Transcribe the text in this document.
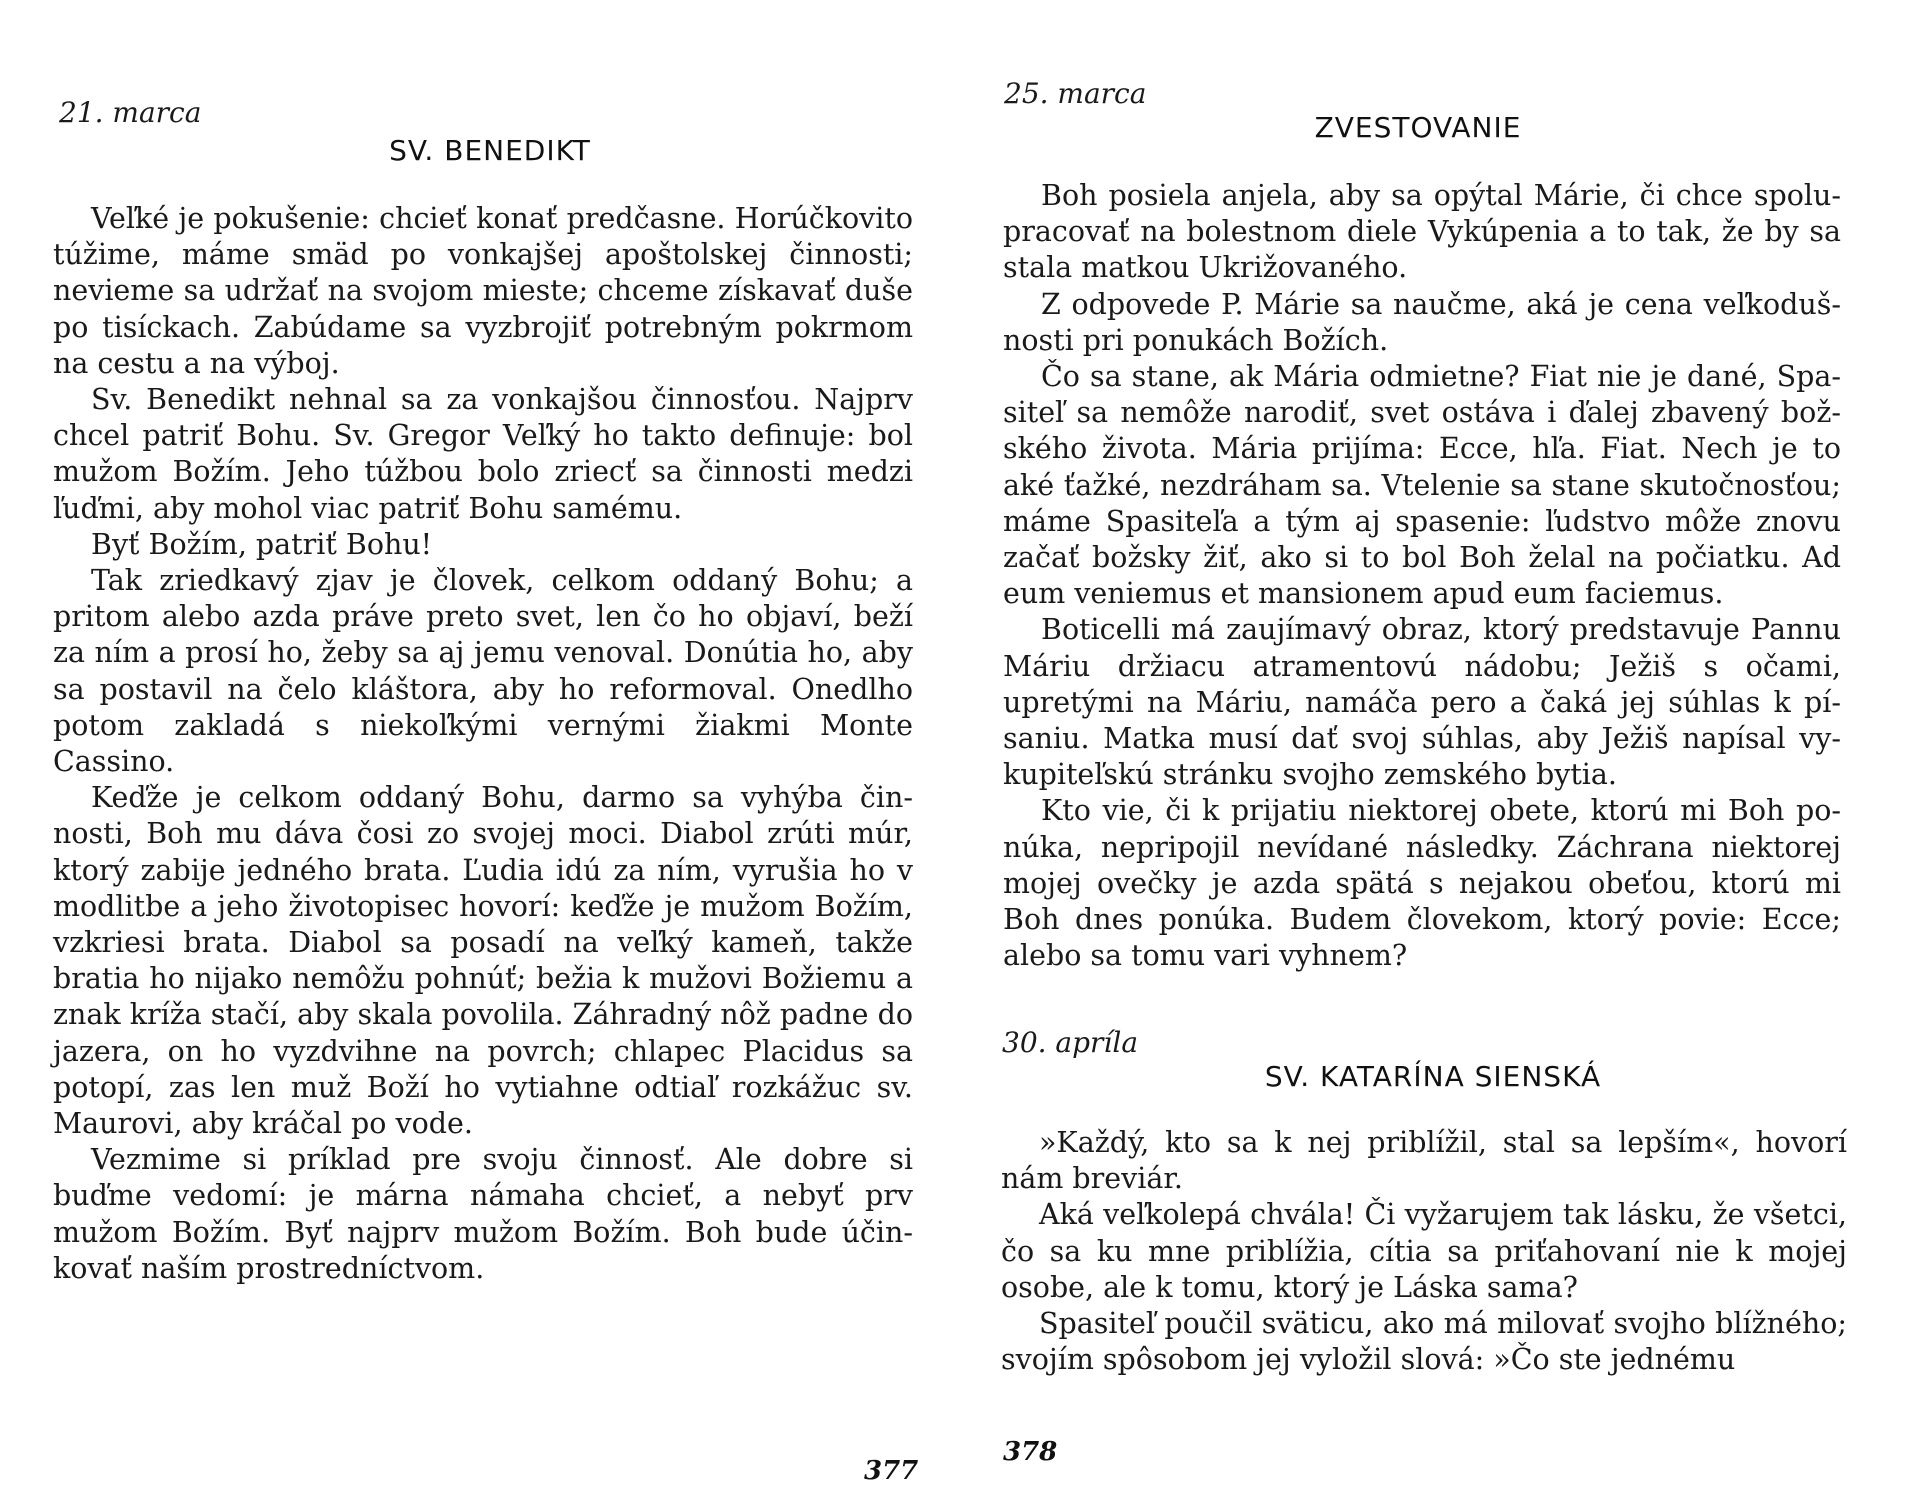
21. marca
SV. BENEDIKT

Veľké je pokušenie: chcieť konať predčasne. Horúčkovito túžime, máme smäd po vonkajšej apoštolskej činnosti; nevieme sa udržať na svojom mieste; chceme získavať duše po tisíckach. Zabúdame sa vyzbrojiť potrebným pokrmom na cestu a na výboj.

Sv. Benedikt nehnal sa za vonkajšou činnosťou. Najprv chcel patriť Bohu. Sv. Gregor Veľký ho takto definuje: bol mužom Božím. Jeho túžbou bolo zriecť sa činnosti medzi ľuďmi, aby mohol viac patriť Bohu samému.

Byť Božím, patriť Bohu!

Tak zriedkavý zjav je človek, celkom oddaný Bohu; a pritom alebo azda práve preto svet, len čo ho objaví, beží za ním a prosí ho, žeby sa aj jemu venoval. Donútia ho, aby sa postavil na čelo kláštora, aby ho reformoval. Onedlho potom zakladá s niekoľkými vernými žiakmi Monte Cassino.

Keďže je celkom oddaný Bohu, darmo sa vyhýba činnosti, Boh mu dáva čosi zo svojej moci. Diabol zrúti múr, ktorý zabije jedného brata. Ľudia idú za ním, vyrušia ho v modlitbe a jeho životopisec hovorí: keďže je mužom Božím, vzkriesi brata. Diabol sa posadí na veľký kameň, takže bratia ho nijako nemôžu pohnúť; bežia k mužovi Božiemu a znak kríža stačí, aby skala povolila. Záhradný nôž padne do jazera, on ho vyzdvihne na povrch; chlapec Placidus sa potopí, zas len muž Boží ho vytiahne odtiaľ rozkážuc sv. Maurovi, aby kráčal po vode.

Vezmime si príklad pre svoju činnosť. Ale dobre si buďme vedomí: je márna námaha chcieť, a nebyť prv mužom Božím. Byť najprv mužom Božím. Boh bude účinkovať naším prostredníctvom.

377
25. marca
ZVESTOVANIE

Boh posiela anjela, aby sa opýtal Márie, či chce spolupracovať na bolestnom diele Vykúpenia a to tak, že by sa stala matkou Ukrižovaného.

Z odpovede P. Márie sa naučme, aká je cena veľkodušnosti pri ponukách Božích.

Čo sa stane, ak Mária odmietne? Fiat nie je dané, Spasiteľ sa nemôže narodiť, svet ostáva i ďalej zbavený božského života. Mária prijíma: Ecce, hľa. Fiat. Nech je to aké ťažké, nezdráham sa. Vtelenie sa stane skutočnosťou; máme Spasiteľa a tým aj spasenie: ľudstvo môže znovu začať božsky žiť, ako si to bol Boh želal na počiatku. Ad eum veniemus et mansionem apud eum faciemus.

Boticelli má zaujímavý obraz, ktorý predstavuje Pannu Máriu držiacu atramentovú nádobu; Ježiš s očami, upretými na Máriu, namáča pero a čaká jej súhlas k písaniu. Matka musí dať svoj súhlas, aby Ježiš napísal vykupiteľskú stránku svojho zemského bytia.

Kto vie, či k prijatiu niektorej obete, ktorú mi Boh ponúka, nepripojil nevídané následky. Záchrana niektorej mojej ovečky je azda spätá s nejakou obeťou, ktorú mi Boh dnes ponúka. Budem človekom, ktorý povie: Ecce; alebo sa tomu vari vyhnem?

30. apríla
SV. KATARÍNA SIENSKÁ

»Každý, kto sa k nej priblížil, stal sa lepším«, hovorí nám breviár.

Aká veľkolepá chvála! Či vyžarujem tak lásku, že všetci, čo sa ku mne priblížia, cítia sa priťahovaní nie k mojej osobe, ale k tomu, ktorý je Láska sama?

Spasiteľ poučil sväticu, ako má milovať svojho blížného; svojím spôsobom jej vyložil slová: »Čo ste jednému

378
